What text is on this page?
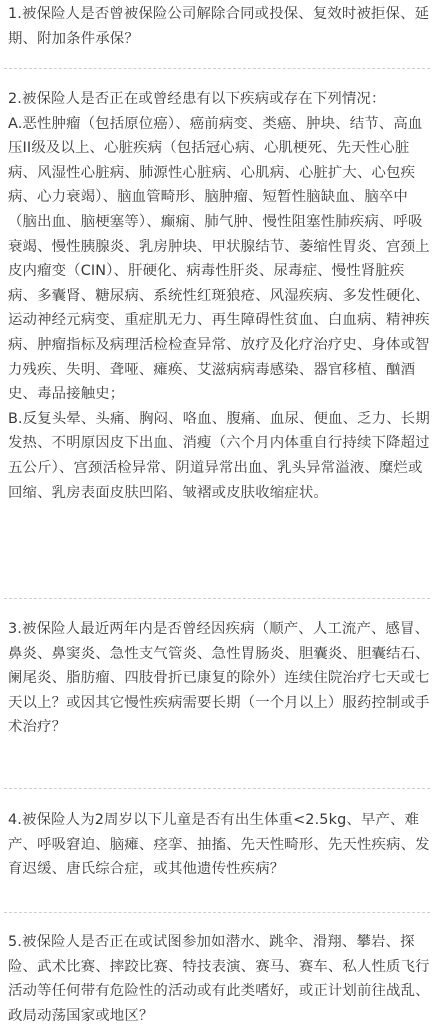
1.被保险人是否曾被保险公司解除合同或投保、复效时被拒保、延期、附加条件承保？
2.被保险人是否正在或曾经患有以下疾病或存在下列情况：
A.恶性肿瘤（包括原位癌）、癌前病变、类癌、肿块、结节、高血压II级及以上、心脏疾病（包括冠心病、心肌梗死、先天性心脏病、风湿性心脏病、肺源性心脏病、心肌病、心脏扩大、心包疾病、心力衰竭）、脑血管畸形、脑肿瘤、短暂性脑缺血、脑卒中（脑出血、脑梗塞等）、癫痫、肺气肿、慢性阻塞性肺疾病、呼吸衰竭、慢性胰腺炎、乳房肿块、甲状腺结节、萎缩性胃炎、宫颈上皮内瘤变（CIN）、肝硬化、病毒性肝炎、尿毒症、慢性肾脏疾病、多囊肾、糖尿病、系统性红斑狼疮、风湿疾病、多发性硬化、运动神经元病变、重症肌无力、再生障碍性贫血、白血病、精神疾病、肿瘤指标及病理活检检查异常、放疗及化疗治疗史、身体或智力残疾、失明、聋哑、瘫痪、艾滋病病毒感染、器官移植、酗酒史、毒品接触史；
B.反复头晕、头痛、胸闷、咯血、腹痛、血尿、便血、乏力、长期发热、不明原因皮下出血、消瘦（六个月内体重自行持续下降超过五公斤）、宫颈活检异常、阴道异常出血、乳头异常溢液、糜烂或回缩、乳房表面皮肤凹陷、皱褶或皮肤收缩症状。
3.被保险人最近两年内是否曾经因疾病（顺产、人工流产、感冒、鼻炎、鼻窦炎、急性支气管炎、急性胃肠炎、胆囊炎、胆囊结石、阑尾炎、脂肪瘤、四肢骨折已康复的除外）连续住院治疗七天或七天以上？或因其它慢性疾病需要长期（一个月以上）服药控制或手术治疗？
4.被保险人为2周岁以下儿童是否有出生体重<2.5kg、早产、难产、呼吸窘迫、脑瘫、痉挛、抽搐、先天性畸形、先天性疾病、发育迟缓、唐氏综合症，或其他遗传性疾病？
5.被保险人是否正在或试图参加如潜水、跳伞、滑翔、攀岩、探险、武术比赛、摔跤比赛、特技表演、赛马、赛车、私人性质飞行活动等任何带有危险性的活动或有此类嗜好，或正计划前往战乱、政局动荡国家或地区？
